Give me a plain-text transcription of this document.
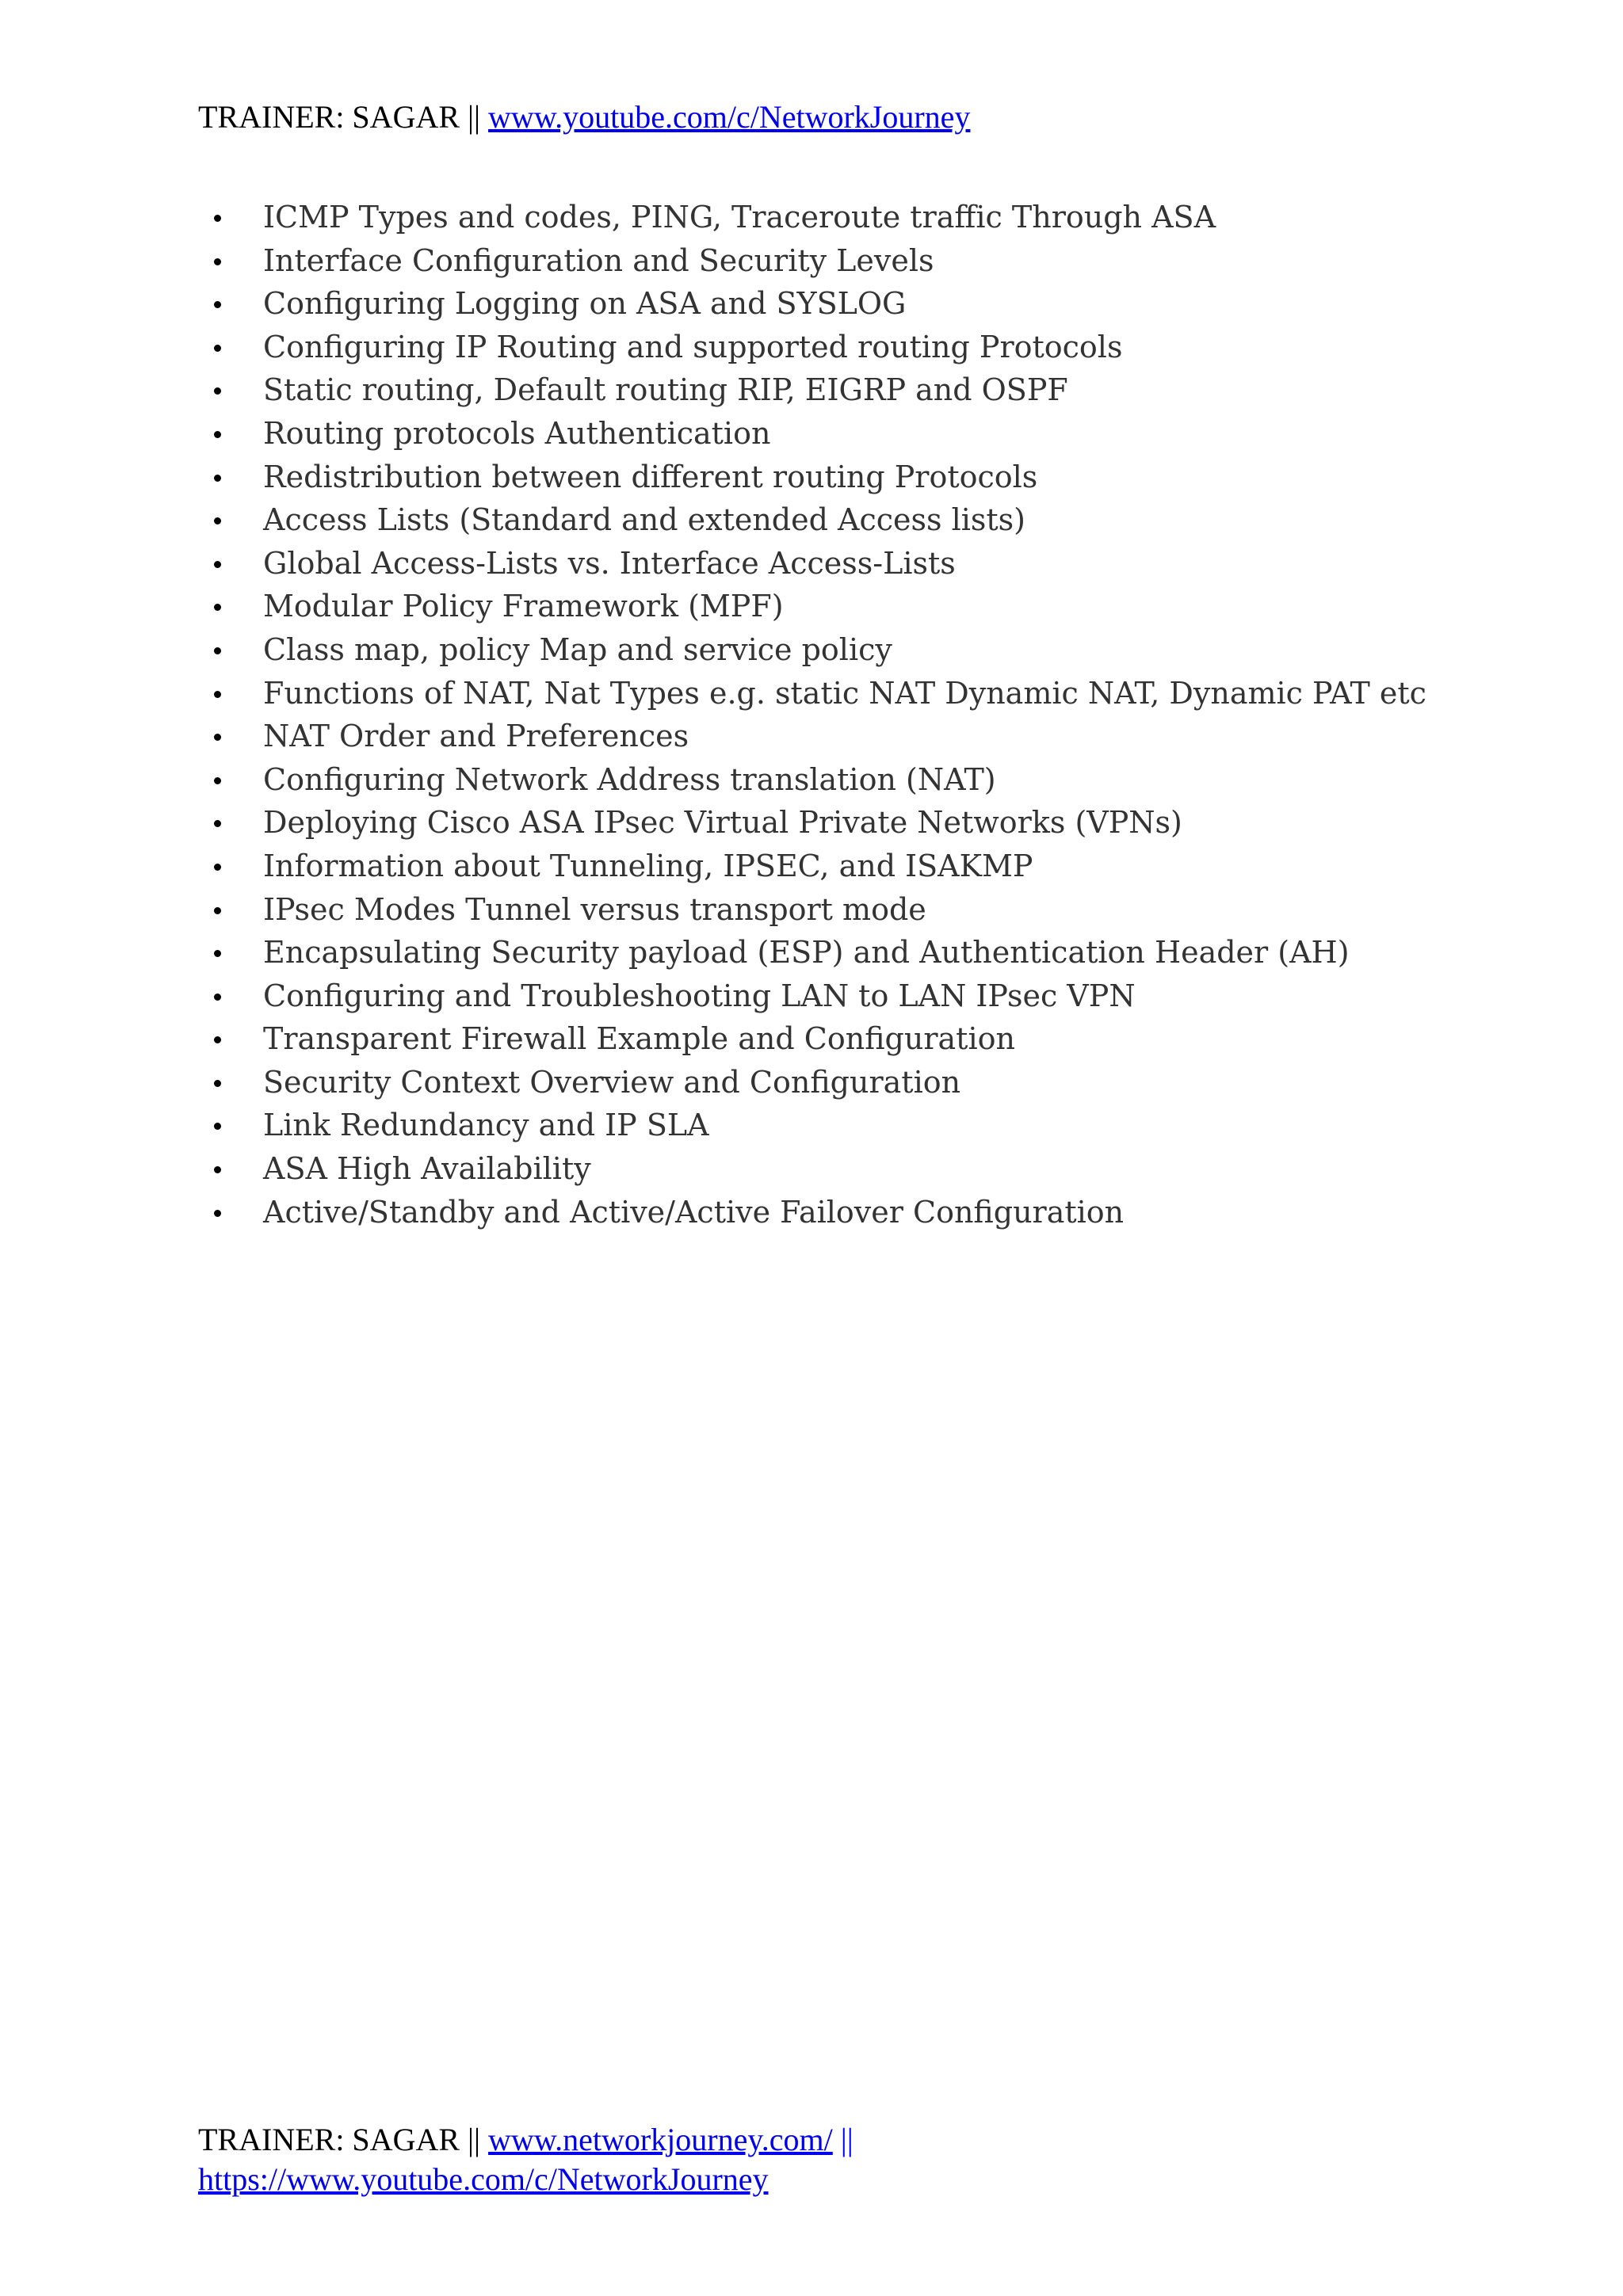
TRAINER: SAGAR || www.youtube.com/c/NetworkJourney
ICMP Types and codes, PING, Traceroute traffic Through ASA
Interface Configuration and Security Levels
Configuring Logging on ASA and SYSLOG
Configuring IP Routing and supported routing Protocols
Static routing, Default routing RIP, EIGRP and OSPF
Routing protocols Authentication
Redistribution between different routing Protocols
Access Lists (Standard and extended Access lists)
Global Access-Lists vs. Interface Access-Lists
Modular Policy Framework (MPF)
Class map, policy Map and service policy
Functions of NAT, Nat Types e.g. static NAT Dynamic NAT, Dynamic PAT etc
NAT Order and Preferences
Configuring Network Address translation (NAT)
Deploying Cisco ASA IPsec Virtual Private Networks (VPNs)
Information about Tunneling, IPSEC, and ISAKMP
IPsec Modes Tunnel versus transport mode
Encapsulating Security payload (ESP) and Authentication Header (AH)
Configuring and Troubleshooting LAN to LAN IPsec VPN
Transparent Firewall Example and Configuration
Security Context Overview and Configuration
Link Redundancy and IP SLA
ASA High Availability
Active/Standby and Active/Active Failover Configuration
TRAINER: SAGAR || www.networkjourney.com/ ||
https://www.youtube.com/c/NetworkJourney
